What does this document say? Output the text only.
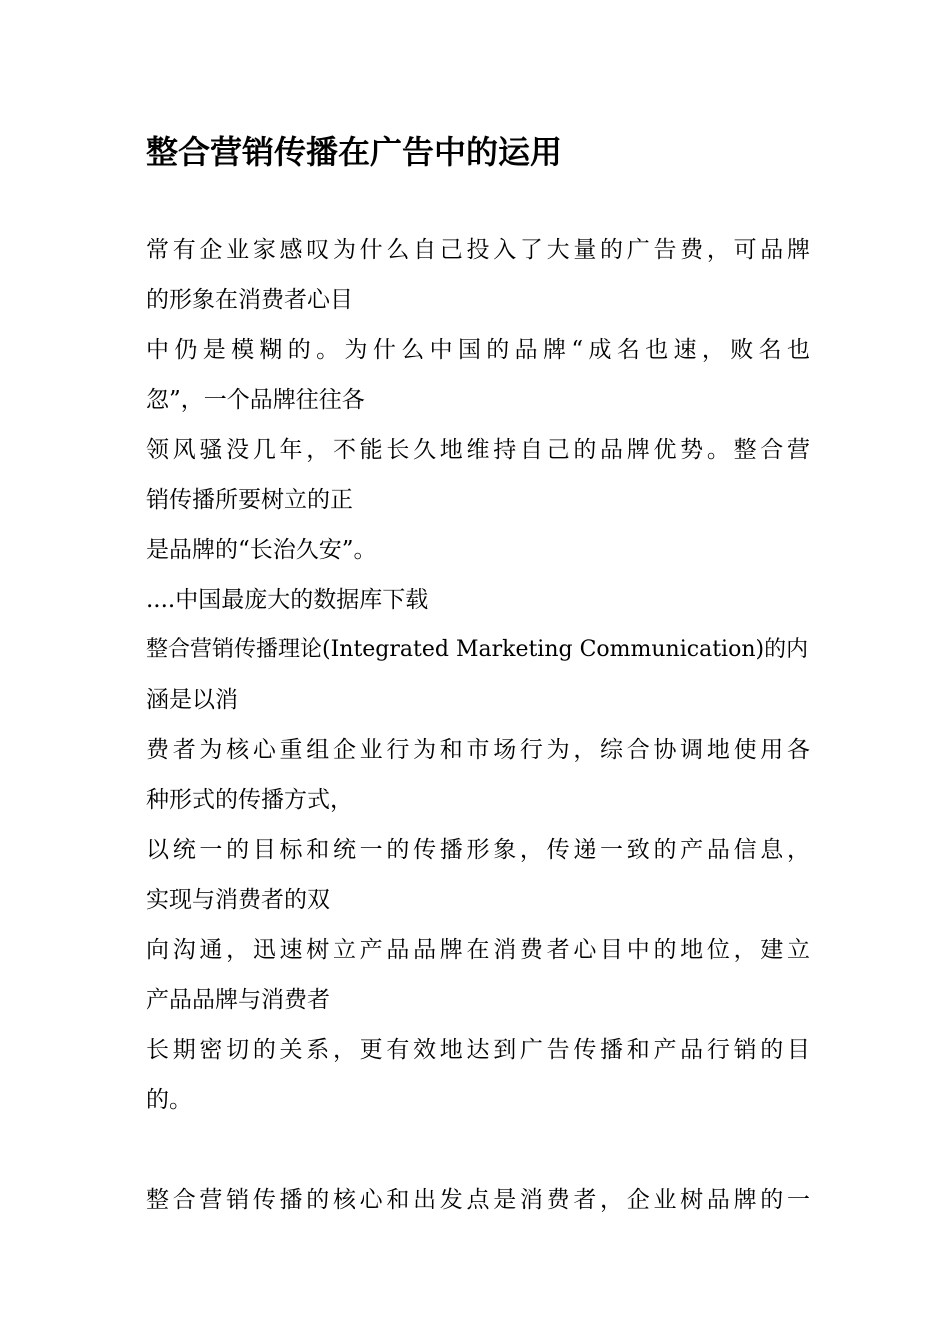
整合营销传播在广告中的运用
常有企业家感叹为什么自己投入了大量的广告费，可品牌
的形象在消费者心目
中仍是模糊的。为什么中国的品牌“成名也速，败名也
忽”，一个品牌往往各
领风骚没几年，不能长久地维持自己的品牌优势。整合营
销传播所要树立的正
是品牌的“长治久安”。
....中国最庞大的数据库下载
整合营销传播理论(Integrated Marketing Communication)的内
涵是以消
费者为核心重组企业行为和市场行为，综合协调地使用各
种形式的传播方式，
以统一的目标和统一的传播形象，传递一致的产品信息，
实现与消费者的双
向沟通，迅速树立产品品牌在消费者心目中的地位，建立
产品品牌与消费者
长期密切的关系，更有效地达到广告传播和产品行销的目
的。
整合营销传播的核心和出发点是消费者，企业树品牌的一
